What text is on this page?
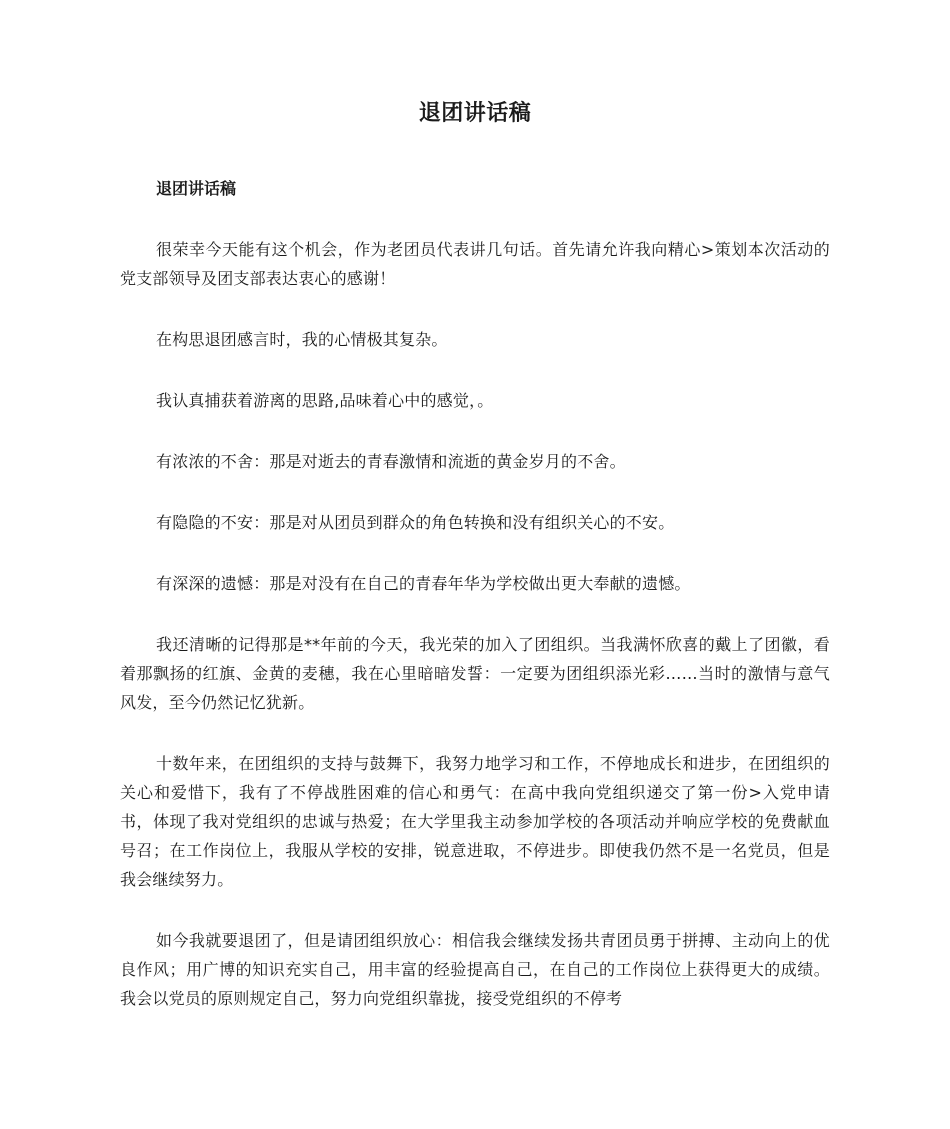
退团讲话稿

退团讲话稿

很荣幸今天能有这个机会，作为老团员代表讲几句话。首先请允许我向精心>策划本次活动的党支部领导及团支部表达衷心的感谢！

在构思退团感言时，我的心情极其复杂。

我认真捕获着游离的思路,品味着心中的感觉，。

有浓浓的不舍：那是对逝去的青春激情和流逝的黄金岁月的不舍。

有隐隐的不安：那是对从团员到群众的角色转换和没有组织关心的不安。

有深深的遗憾：那是对没有在自己的青春年华为学校做出更大奉献的遗憾。

我还清晰的记得那是**年前的今天，我光荣的加入了团组织。当我满怀欣喜的戴上了团徽，看着那飘扬的红旗、金黄的麦穗，我在心里暗暗发誓：一定要为团组织添光彩……当时的激情与意气风发，至今仍然记忆犹新。

十数年来，在团组织的支持与鼓舞下，我努力地学习和工作，不停地成长和进步，在团组织的关心和爱惜下，我有了不停战胜困难的信心和勇气：在高中我向党组织递交了第一份>入党申请书，体现了我对党组织的忠诚与热爱；在大学里我主动参加学校的各项活动并响应学校的免费献血号召；在工作岗位上，我服从学校的安排，锐意进取，不停进步。即使我仍然不是一名党员，但是我会继续努力。

如今我就要退团了，但是请团组织放心：相信我会继续发扬共青团员勇于拼搏、主动向上的优良作风；用广博的知识充实自己，用丰富的经验提高自己，在自己的工作岗位上获得更大的成绩。我会以党员的原则规定自己，努力向党组织靠拢，接受党组织的不停考
